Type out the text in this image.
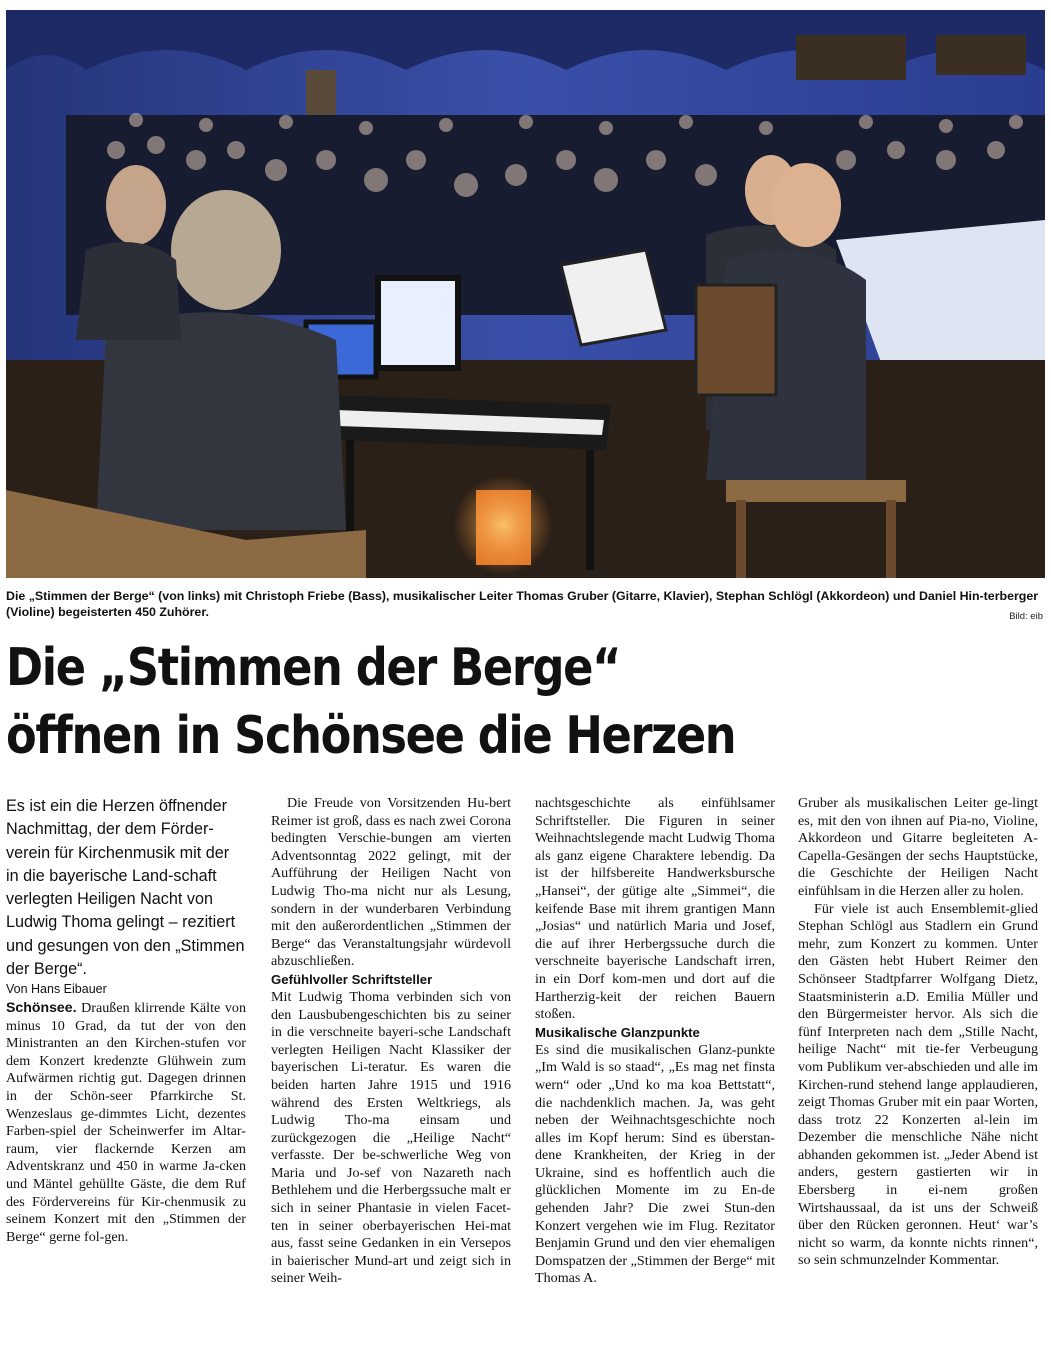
Die „Stimmen der Berge“ (von links) mit Christoph Friebe (Bass), musikalischer Leiter Thomas Gruber (Gitarre, Klavier), Stephan Schlögl (Akkordeon) und Daniel Hin-terberger (Violine) begeisterten 450 Zuhörer.	Bild: eib
Die „Stimmen der Berge“
öffnen in Schönsee die Herzen

Es ist ein die Herzen öffnender Nachmittag, der dem Förder-verein für Kirchenmusik mit der in die bayerische Land-schaft verlegten Heiligen Nacht von Ludwig Thoma gelingt – rezitiert und gesungen von den „Stimmen der Berge“.

Von Hans Eibauer

Schönsee. Draußen klirrende Kälte von minus 10 Grad, da tut der von den Ministranten an den Kirchen-stufen vor dem Konzert kredenzte Glühwein zum Aufwärmen richtig gut. Dagegen drinnen in der Schön-seer Pfarrkirche St. Wenzeslaus ge-dimmtes Licht, dezentes Farben-spiel der Scheinwerfer im Altar-raum, vier flackernde Kerzen am Adventskranz und 450 in warme Ja-cken und Mäntel gehüllte Gäste, die dem Ruf des Fördervereins für Kir-chenmusik zu seinem Konzert mit den „Stimmen der Berge“ gerne fol-gen.

Die Freude von Vorsitzenden Hu-bert Reimer ist groß, dass es nach zwei Corona bedingten Verschie-bungen am vierten Adventsonntag 2022 gelingt, mit der Aufführung der Heiligen Nacht von Ludwig Tho-ma nicht nur als Lesung, sondern in der wunderbaren Verbindung mit den außerordentlichen „Stimmen der Berge“ das Veranstaltungsjahr würdevoll abzuschließen.

Gefühlvoller Schriftsteller

Mit Ludwig Thoma verbinden sich von den Lausbubengeschichten bis zu seiner in die verschneite bayeri-sche Landschaft verlegten Heiligen Nacht Klassiker der bayerischen Li-teratur. Es waren die beiden harten Jahre 1915 und 1916 während des Ersten Weltkriegs, als Ludwig Tho-ma einsam und zurückgezogen die „Heilige Nacht“ verfasste. Der be-schwerliche Weg von Maria und Jo-sef von Nazareth nach Bethlehem und die Herbergssuche malt er sich in seiner Phantasie in vielen Facet-ten in seiner oberbayerischen Hei-mat aus, fasst seine Gedanken in ein Versepos in baierischer Mund-art und zeigt sich in seiner Weih-

nachtsgeschichte als einfühlsamer Schriftsteller. Die Figuren in seiner Weihnachtslegende macht Ludwig Thoma als ganz eigene Charaktere lebendig. Da ist der hilfsbereite Handwerksbursche „Hansei“, der gütige alte „Simmei“, die keifende Base mit ihrem grantigen Mann „Josias“ und natürlich Maria und Josef, die auf ihrer Herbergssuche durch die verschneite bayerische Landschaft irren, in ein Dorf kom-men und dort auf die Hartherzig-keit der reichen Bauern stoßen.

Musikalische Glanzpunkte

Es sind die musikalischen Glanz-punkte „Im Wald is so staad“, „Es mag net finsta wern“ oder „Und ko ma koa Bettstatt“, die nachdenklich machen. Ja, was geht neben der Weihnachtsgeschichte noch alles im Kopf herum: Sind es überstan-dene Krankheiten, der Krieg in der Ukraine, sind es hoffentlich auch die glücklichen Momente im zu En-de gehenden Jahr? Die zwei Stun-den Konzert vergehen wie im Flug. Rezitator Benjamin Grund und den vier ehemaligen Domspatzen der „Stimmen der Berge“ mit Thomas A.

Gruber als musikalischen Leiter ge-lingt es, mit den von ihnen auf Pia-no, Violine, Akkordeon und Gitarre begleiteten A-Capella-Gesängen der sechs Hauptstücke, die Geschichte der Heiligen Nacht einfühlsam in die Herzen aller zu holen.

Für viele ist auch Ensemblemit-glied Stephan Schlögl aus Stadlern ein Grund mehr, zum Konzert zu kommen. Unter den Gästen hebt Hubert Reimer den Schönseer Stadtpfarrer Wolfgang Dietz, Staatsministerin a.D. Emilia Müller und den Bürgermeister hervor. Als sich die fünf Interpreten nach dem „Stille Nacht, heilige Nacht“ mit tie-fer Verbeugung vom Publikum ver-abschieden und alle im Kirchen-rund stehend lange applaudieren, zeigt Thomas Gruber mit ein paar Worten, dass trotz 22 Konzerten al-lein im Dezember die menschliche Nähe nicht abhanden gekommen ist. „Jeder Abend ist anders, gestern gastierten wir in Ebersberg in ei-nem großen Wirtshaussaal, da ist uns der Schweiß über den Rücken geronnen. Heut‘ war’s nicht so warm, da konnte nichts rinnen“, so sein schmunzelnder Kommentar.
